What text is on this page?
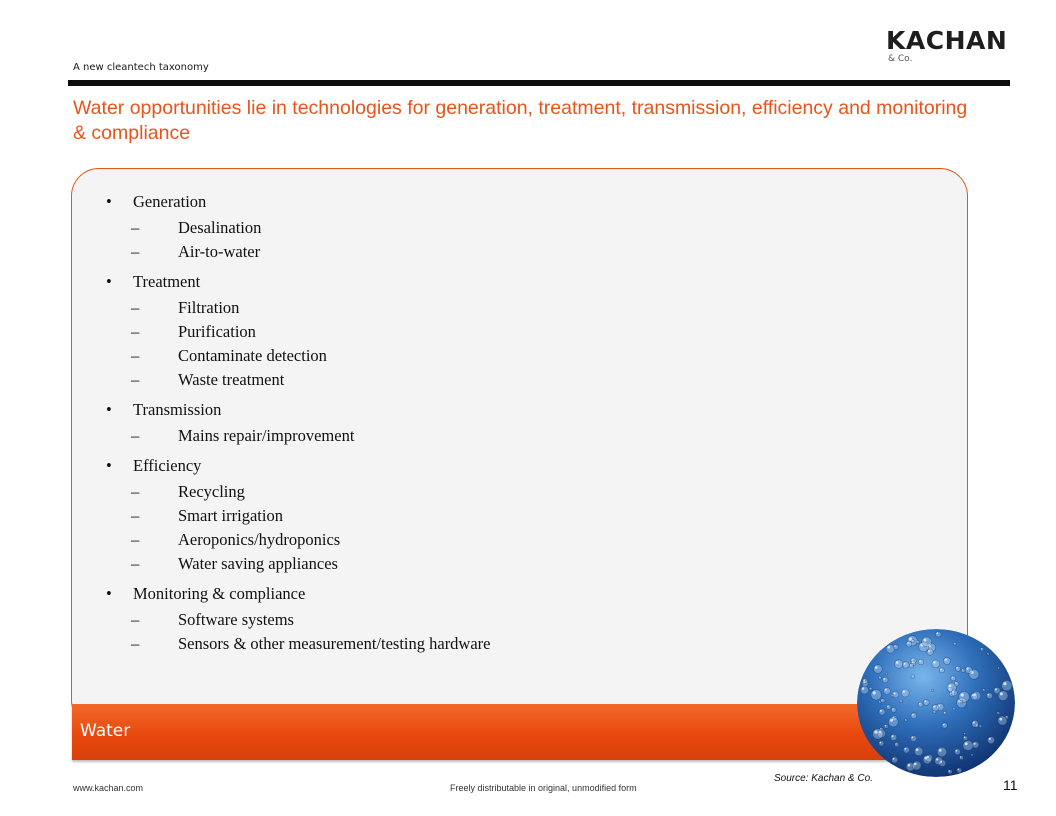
KACHAN
& Co.
A new cleantech taxonomy
Water opportunities lie in technologies for generation, treatment, transmission, efficiency and monitoring & compliance
•	Generation
–	Desalination
–	Air-to-water
•	Treatment
–	Filtration
–	Purification
–	Contaminate detection
–	Waste treatment
•	Transmission
–	Mains repair/improvement
•	Efficiency
–	Recycling
–	Smart irrigation
–	Aeroponics/hydroponics
–	Water saving appliances
•	Monitoring & compliance
–	Software systems
–	Sensors & other measurement/testing hardware
Water
Source: Kachan & Co.
www.kachan.com	Freely distributable in original, unmodified form	11
